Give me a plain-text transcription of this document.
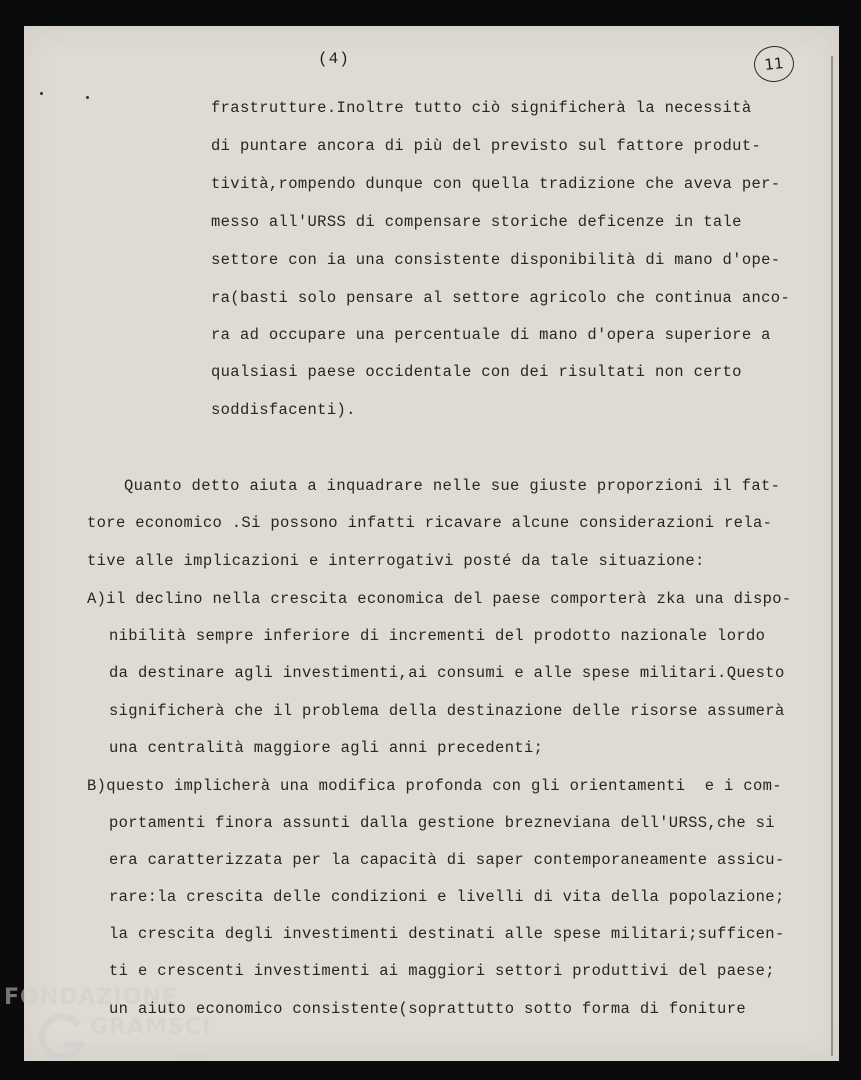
(4)	11
frastrutture.Inoltre tutto ciò significherà la necessità
di puntare ancora di più del previsto sul fattore produt-
tività,rompendo dunque con quella tradizione che aveva per-
messo all'URSS di compensare storiche deficenze in tale
settore con ia una consistente disponibilità di mano d'ope-
ra(basti solo pensare al settore agricolo che continua anco-
ra ad occupare una percentuale di mano d'opera superiore a
qualsiasi paese occidentale con dei risultati non certo
soddisfacenti).
Quanto detto aiuta a inquadrare nelle sue giuste proporzioni il fat-
tore economico .Si possono infatti ricavare alcune considerazioni rela-
tive alle implicazioni e interrogativi posté da tale situazione:
A)il declino nella crescita economica del paese comporterà zka una dispo-
nibilità sempre inferiore di incrementi del prodotto nazionale lordo
da destinare agli investimenti,ai consumi e alle spese militari.Questo
significherà che il problema della destinazione delle risorse assumerà
una centralità maggiore agli anni precedenti;
B)questo implicherà una modifica profonda con gli orientamenti  e i com-
portamenti finora assunti dalla gestione brezneviana dell'URSS,che si
era caratterizzata per la capacità di saper contemporaneamente assicu-
rare:la crescita delle condizioni e livelli di vita della popolazione;
la crescita degli investimenti destinati alle spese militari;sufficen-
ti e crescenti investimenti ai maggiori settori produttivi del paese;
un aiuto economico consistente(soprattutto sotto forma di foniture
FONDAZIONE
GRAMSCI
onlus
